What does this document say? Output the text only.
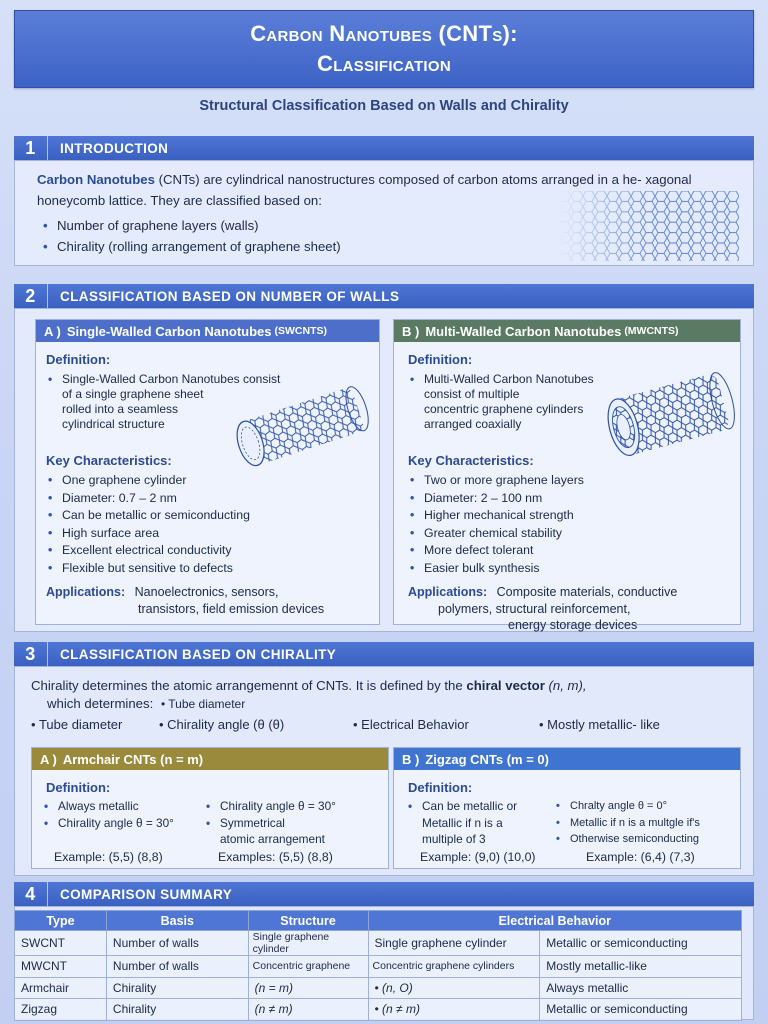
Carbon Nanotubes (CNTs):
Classification
Structural Classification Based on Walls and Chirality
1	INTRODUCTION
Carbon Nanotubes (CNTs) are cylindrical nanostructures composed of carbon atoms arranged in a he- xagonal honeycomb lattice. They are classified based on:
• Number of graphene layers (walls)
• Chirality (rolling arrangement of graphene sheet)
2	CLASSIFICATION BASED ON NUMBER OF WALLS
A ) Single-Walled Carbon Nanotubes (SWCNTS)
Definition:
• Single-Walled Carbon Nanotubes consist
of a single graphene sheet
rolled into a seamless
cylindrical structure
Key Characteristics:
• One graphene cylinder
• Diameter: 0.7 – 2 nm
• Can be metallic or semiconducting
• High surface area
• Excellent electrical conductivity
• Flexible but sensitive to defects
Applications: Nanoelectronics, sensors,
transistors, field emission devices
B ) Multi-Walled Carbon Nanotubes (MWCNTS)
Definition:
• Multi-Walled Carbon Nanotubes
consist of multiple
concentric graphene cylinders
arranged coaxially
Key Characteristics:
• Two or more graphene layers
• Diameter: 2 – 100 nm
• Higher mechanical strength
• Greater chemical stability
• More defect tolerant
• Easier bulk synthesis
Applications: Composite materials, conductive
polymers, structural reinforcement,
energy storage devices
3	CLASSIFICATION BASED ON CHIRALITY
Chirality determines the atomic arrangemennt of CNTs. It is defined by the chiral vector (n, m),
which determines: • Tube diameter
• Tube diameter	• Chirality angle (θ (θ)	• Electrical Behavior	• Mostly metallic- like
A ) Armchair CNTs (n = m)
Definition:
• Always metallic
• Chirality angle θ = 30°
• Chirality angle θ = 30°
• Symmetrical
atomic arrangement
Example: (5,5) (8,8)	Examples: (5,5) (8,8)
B ) Zigzag CNTs (m = 0)
Definition:
• Can be metallic or
Metallic if n is a
multiple of 3
• Chralty angle θ = 0°
• Metallic if n is a multgle if's
• Otherwise semiconducting
Example: (9,0) (10,0)	Example: (6,4) (7,3)
4	COMPARISON SUMMARY
Type	Basis	Structure	Electrical Behavior	
SWCNT	Number of walls	Single graphene cylinder	Single graphene cylinder	Metallic or semiconducting
MWCNT	Number of walls	Concentric graphene	Concentric graphene cylinders	Mostly metallic-like
Armchair	Chirality	(n = m)	• (n, O)	Always metallic
Zigzag	Chirality	(n ≠ m)	• (n ≠ m)	Metallic or semiconducting
